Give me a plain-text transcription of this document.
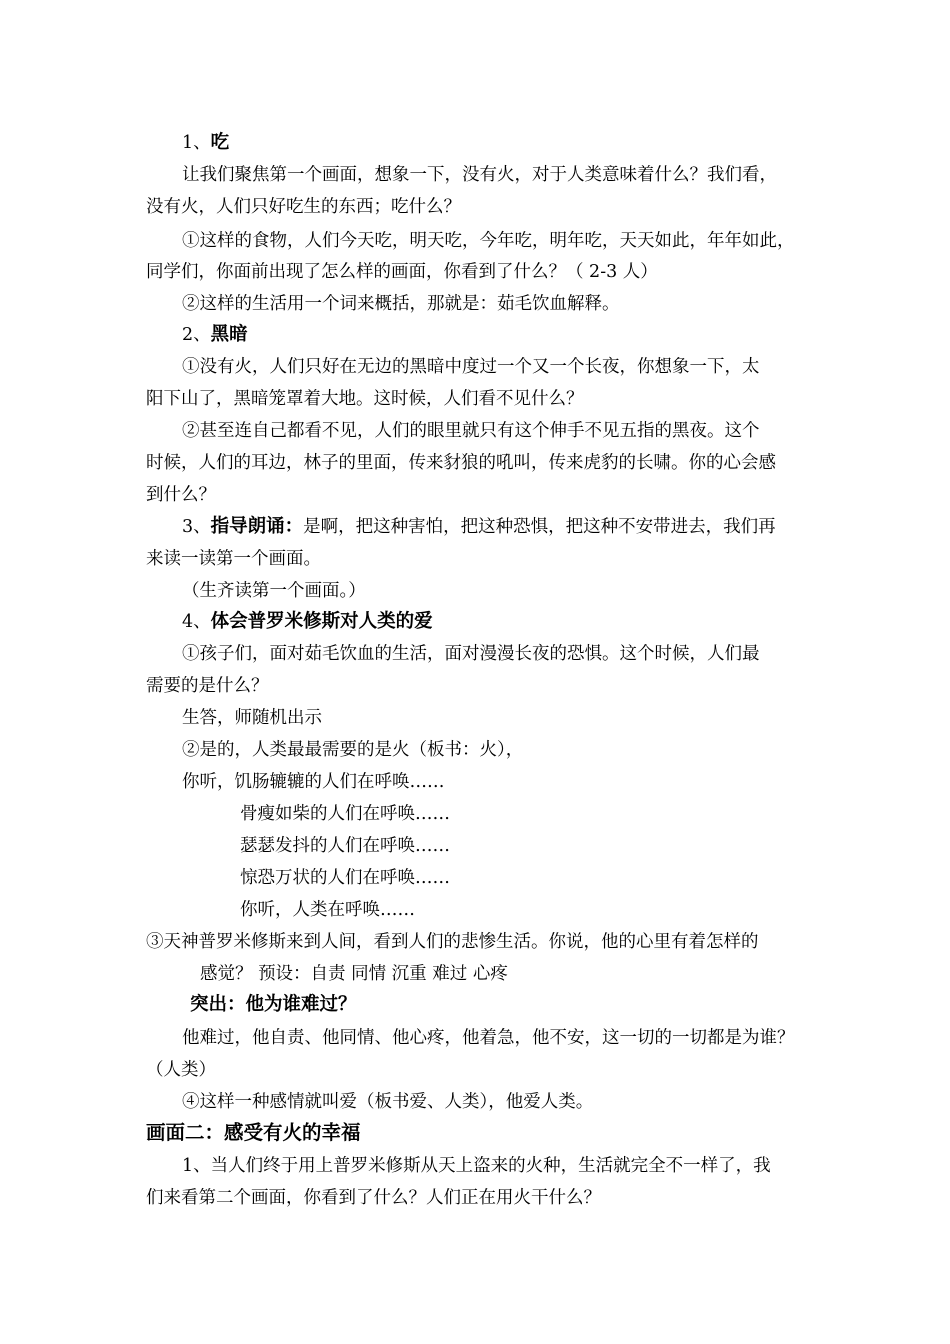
1、吃
让我们聚焦第一个画面，想象一下，没有火，对于人类意味着什么？我们看，
没有火，人们只好吃生的东西；吃什么？
①这样的食物，人们今天吃，明天吃，今年吃，明年吃，天天如此，年年如此，
同学们，你面前出现了怎么样的画面，你看到了什么？（ 2-3 人）
②这样的生活用一个词来概括，那就是：茹毛饮血解释。
2、黑暗
①没有火，人们只好在无边的黑暗中度过一个又一个长夜，你想象一下，太
阳下山了，黑暗笼罩着大地。这时候，人们看不见什么？
②甚至连自己都看不见，人们的眼里就只有这个伸手不见五指的黑夜。这个
时候，人们的耳边，林子的里面，传来豺狼的吼叫，传来虎豹的长啸。你的心会感
到什么？
3、指导朗诵：是啊，把这种害怕，把这种恐惧，把这种不安带进去，我们再
来读一读第一个画面。
（生齐读第一个画面。）
4、体会普罗米修斯对人类的爱
①孩子们，面对茹毛饮血的生活，面对漫漫长夜的恐惧。这个时候，人们最
需要的是什么？
生答，师随机出示
②是的，人类最最需要的是火（板书：火），
你听，饥肠辘辘的人们在呼唤……
骨瘦如柴的人们在呼唤……
瑟瑟发抖的人们在呼唤……
惊恐万状的人们在呼唤……
你听，人类在呼唤……
③天神普罗米修斯来到人间，看到人们的悲惨生活。你说，他的心里有着怎样的
感觉？ 预设：自责 同情 沉重 难过 心疼
突出：他为谁难过？
他难过，他自责、他同情、他心疼，他着急，他不安，这一切的一切都是为谁？
（人类）
④这样一种感情就叫爱（板书爱、人类），他爱人类。
画面二：感受有火的幸福
1、当人们终于用上普罗米修斯从天上盗来的火种，生活就完全不一样了，我
们来看第二个画面，你看到了什么？人们正在用火干什么？
